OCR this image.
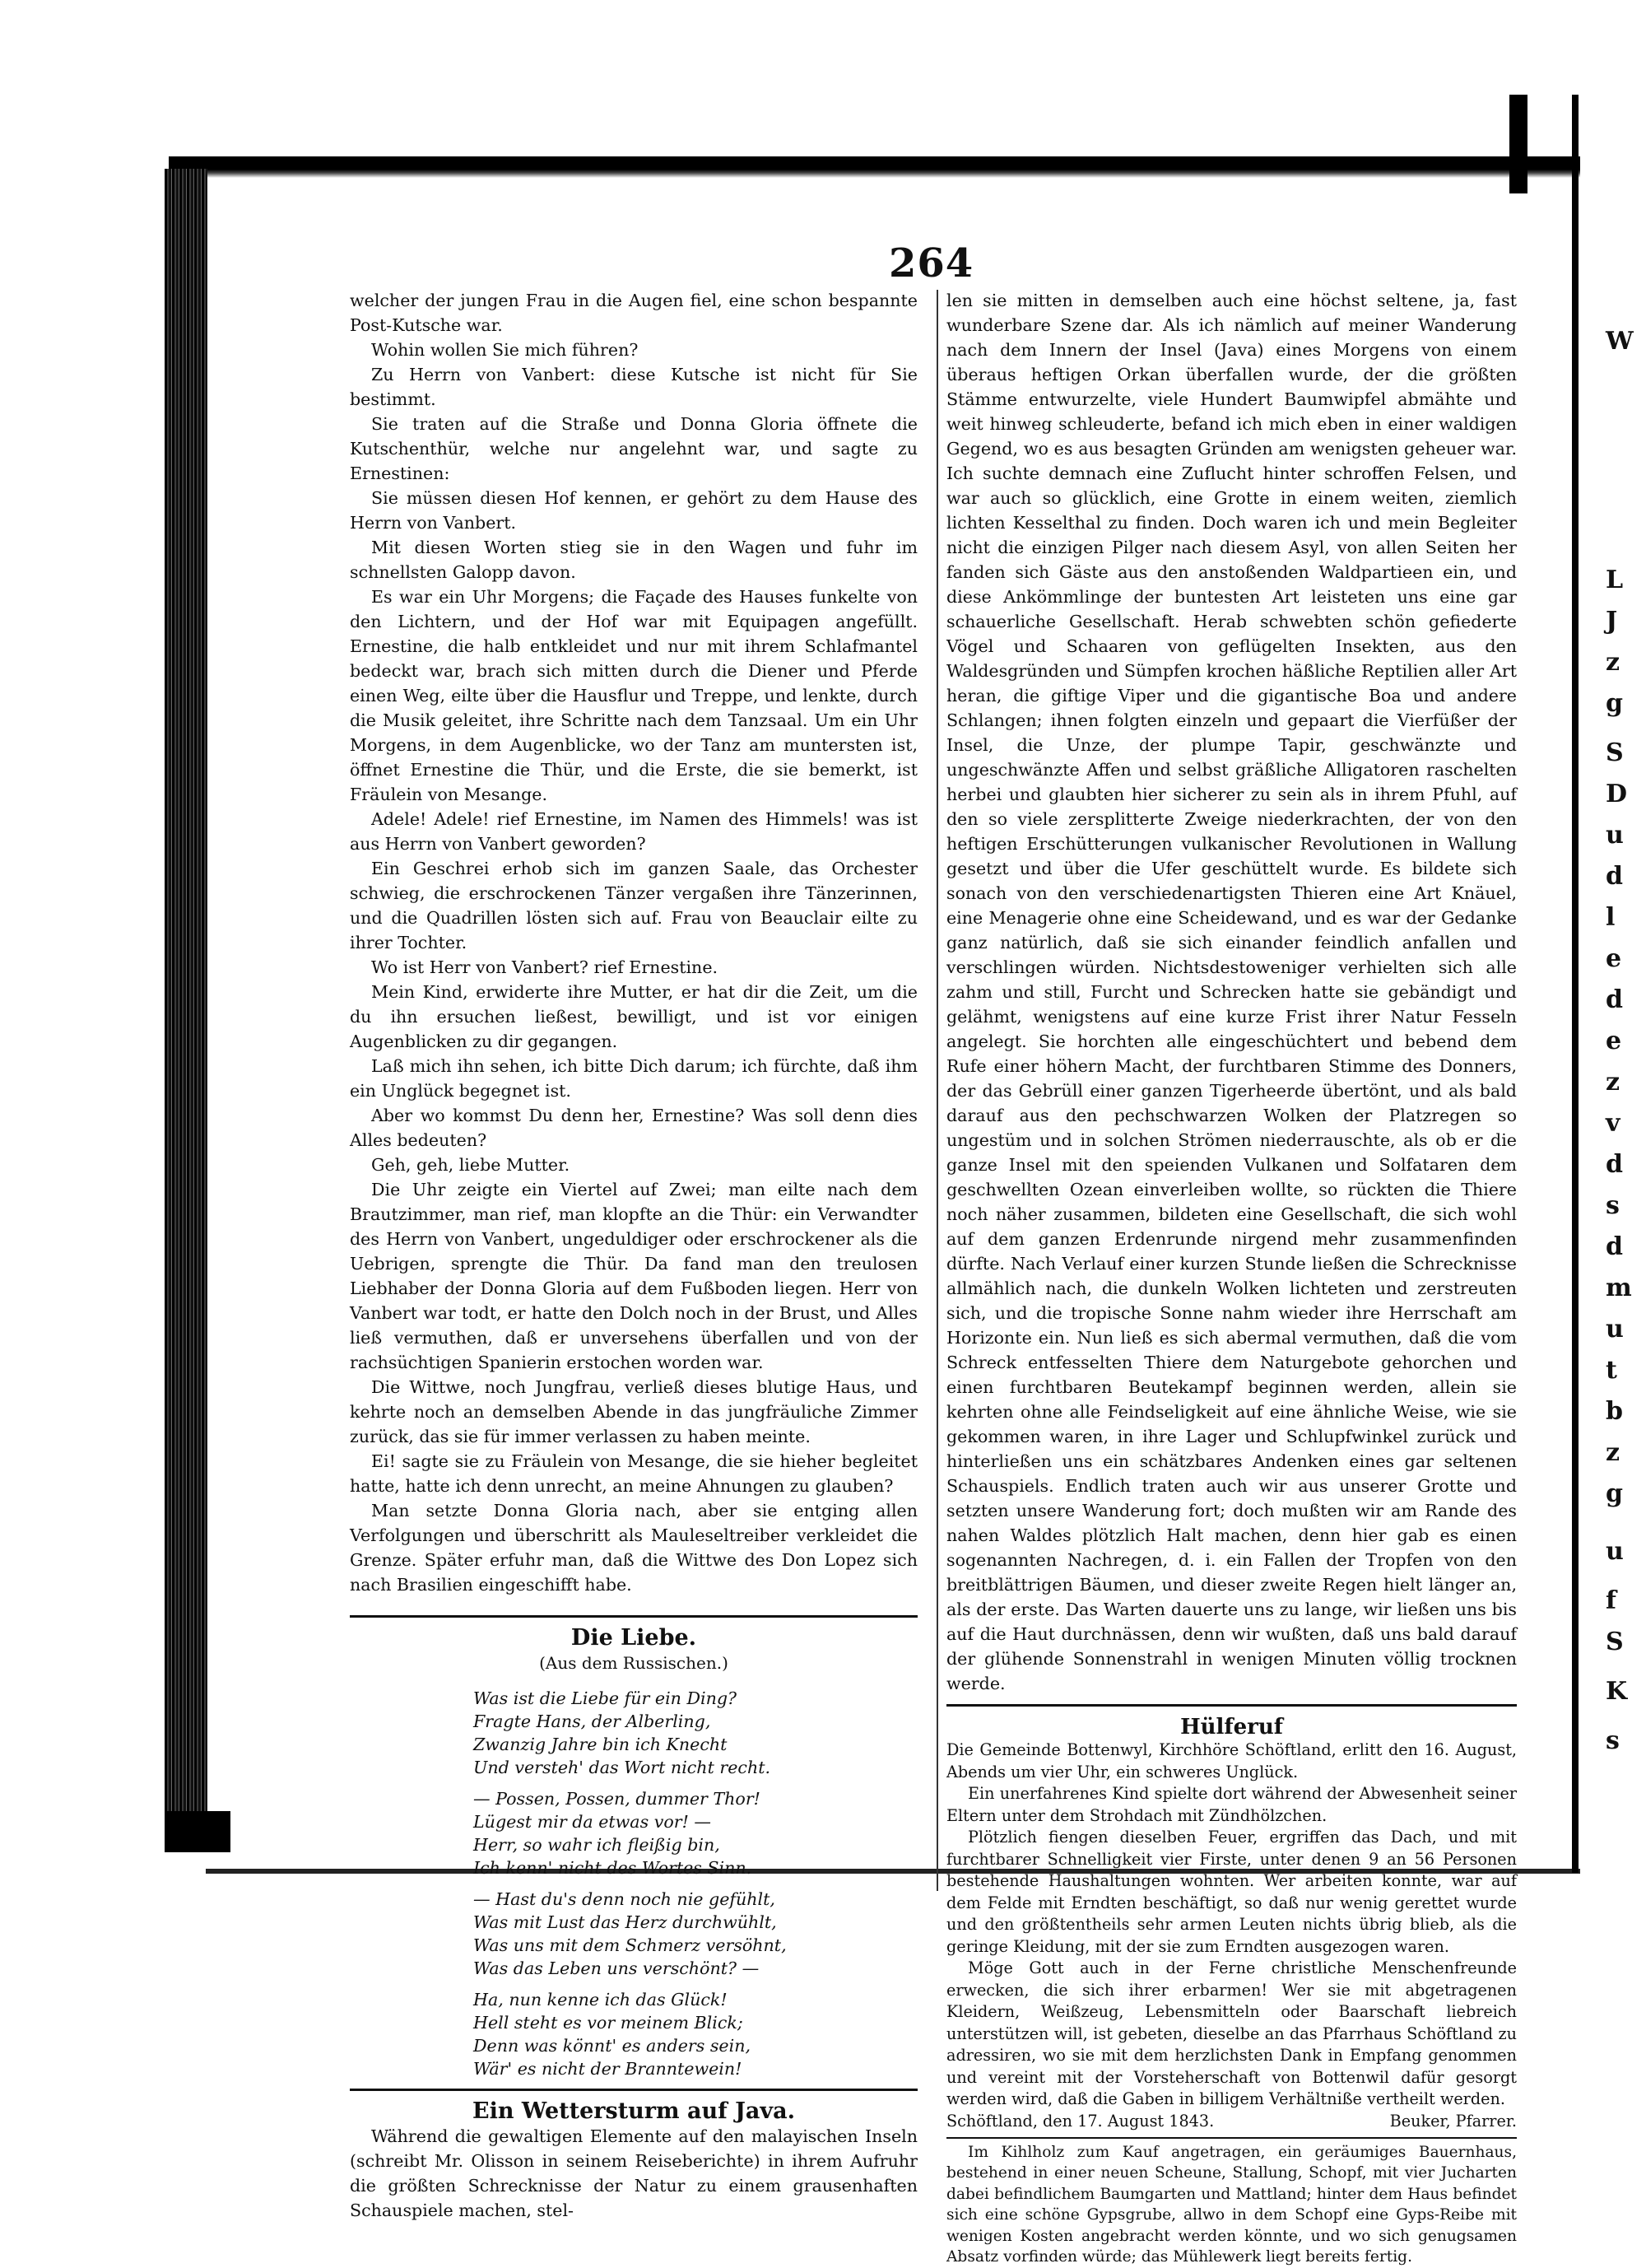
W
L
J
z
g
S
D
u
d
l
e
d
e
z
v
d
s
d
m
u
t
b
z
g
u
f
S
K
s
264

welcher der jungen Frau in die Augen fiel, eine schon bespannte Post-Kutsche war.

Wohin wollen Sie mich führen?

Zu Herrn von Vanbert: diese Kutsche ist nicht für Sie bestimmt.

Sie traten auf die Straße und Donna Gloria öffnete die Kutschenthür, welche nur angelehnt war, und sagte zu Ernestinen:

Sie müssen diesen Hof kennen, er gehört zu dem Hause des Herrn von Vanbert.

Mit diesen Worten stieg sie in den Wagen und fuhr im schnellsten Galopp davon.

Es war ein Uhr Morgens; die Façade des Hauses funkelte von den Lichtern, und der Hof war mit Equipagen angefüllt. Ernestine, die halb entkleidet und nur mit ihrem Schlafmantel bedeckt war, brach sich mitten durch die Diener und Pferde einen Weg, eilte über die Hausflur und Treppe, und lenkte, durch die Musik geleitet, ihre Schritte nach dem Tanzsaal. Um ein Uhr Morgens, in dem Augenblicke, wo der Tanz am muntersten ist, öffnet Ernestine die Thür, und die Erste, die sie bemerkt, ist Fräulein von Mesange.

Adele! Adele! rief Ernestine, im Namen des Himmels! was ist aus Herrn von Vanbert geworden?

Ein Geschrei erhob sich im ganzen Saale, das Orchester schwieg, die erschrockenen Tänzer vergaßen ihre Tänzerinnen, und die Quadrillen lösten sich auf. Frau von Beauclair eilte zu ihrer Tochter.

Wo ist Herr von Vanbert? rief Ernestine.

Mein Kind, erwiderte ihre Mutter, er hat dir die Zeit, um die du ihn ersuchen ließest, bewilligt, und ist vor einigen Augenblicken zu dir gegangen.

Laß mich ihn sehen, ich bitte Dich darum; ich fürchte, daß ihm ein Unglück begegnet ist.

Aber wo kommst Du denn her, Ernestine? Was soll denn dies Alles bedeuten?

Geh, geh, liebe Mutter.

Die Uhr zeigte ein Viertel auf Zwei; man eilte nach dem Brautzimmer, man rief, man klopfte an die Thür: ein Verwandter des Herrn von Vanbert, ungeduldiger oder erschrockener als die Uebrigen, sprengte die Thür. Da fand man den treulosen Liebhaber der Donna Gloria auf dem Fußboden liegen. Herr von Vanbert war todt, er hatte den Dolch noch in der Brust, und Alles ließ vermuthen, daß er unversehens überfallen und von der rachsüchtigen Spanierin erstochen worden war.

Die Wittwe, noch Jungfrau, verließ dieses blutige Haus, und kehrte noch an demselben Abende in das jungfräuliche Zimmer zurück, das sie für immer verlassen zu haben meinte.

Ei! sagte sie zu Fräulein von Mesange, die sie hieher begleitet hatte, hatte ich denn unrecht, an meine Ahnungen zu glauben?

Man setzte Donna Gloria nach, aber sie entging allen Verfolgungen und überschritt als Mauleseltreiber verkleidet die Grenze. Später erfuhr man, daß die Wittwe des Don Lopez sich nach Brasilien eingeschifft habe.

Die Liebe.

(Aus dem Russischen.)

Was ist die Liebe für ein Ding?
Fragte Hans, der Alberling,
Zwanzig Jahre bin ich Knecht
Und versteh' das Wort nicht recht.
— Possen, Possen, dummer Thor!
Lügest mir da etwas vor! —
Herr, so wahr ich fleißig bin,
Ich kenn' nicht des Wortes Sinn.
— Hast du's denn noch nie gefühlt,
Was mit Lust das Herz durchwühlt,
Was uns mit dem Schmerz versöhnt,
Was das Leben uns verschönt? —
Ha, nun kenne ich das Glück!
Hell steht es vor meinem Blick;
Denn was könnt' es anders sein,
Wär' es nicht der Branntewein!

Ein Wettersturm auf Java.

Während die gewaltigen Elemente auf den malayischen Inseln (schreibt Mr. Olisson in seinem Reiseberichte) in ihrem Aufruhr die größten Schrecknisse der Natur zu einem grausenhaften Schauspiele machen, stel-

len sie mitten in demselben auch eine höchst seltene, ja, fast wunderbare Szene dar. Als ich nämlich auf meiner Wanderung nach dem Innern der Insel (Java) eines Morgens von einem überaus heftigen Orkan überfallen wurde, der die größten Stämme entwurzelte, viele Hundert Baumwipfel abmähte und weit hinweg schleuderte, befand ich mich eben in einer waldigen Gegend, wo es aus besagten Gründen am wenigsten geheuer war. Ich suchte demnach eine Zuflucht hinter schroffen Felsen, und war auch so glücklich, eine Grotte in einem weiten, ziemlich lichten Kesselthal zu finden. Doch waren ich und mein Begleiter nicht die einzigen Pilger nach diesem Asyl, von allen Seiten her fanden sich Gäste aus den anstoßenden Waldpartieen ein, und diese Ankömmlinge der buntesten Art leisteten uns eine gar schauerliche Gesellschaft. Herab schwebten schön gefiederte Vögel und Schaaren von geflügelten Insekten, aus den Waldesgründen und Sümpfen krochen häßliche Reptilien aller Art heran, die giftige Viper und die gigantische Boa und andere Schlangen; ihnen folgten einzeln und gepaart die Vierfüßer der Insel, die Unze, der plumpe Tapir, geschwänzte und ungeschwänzte Affen und selbst gräßliche Alligatoren raschelten herbei und glaubten hier sicherer zu sein als in ihrem Pfuhl, auf den so viele zersplitterte Zweige niederkrachten, der von den heftigen Erschütterungen vulkanischer Revolutionen in Wallung gesetzt und über die Ufer geschüttelt wurde. Es bildete sich sonach von den verschiedenartigsten Thieren eine Art Knäuel, eine Menagerie ohne eine Scheidewand, und es war der Gedanke ganz natürlich, daß sie sich einander feindlich anfallen und verschlingen würden. Nichtsdestoweniger verhielten sich alle zahm und still, Furcht und Schrecken hatte sie gebändigt und gelähmt, wenigstens auf eine kurze Frist ihrer Natur Fesseln angelegt. Sie horchten alle eingeschüchtert und bebend dem Rufe einer höhern Macht, der furchtbaren Stimme des Donners, der das Gebrüll einer ganzen Tigerheerde übertönt, und als bald darauf aus den pechschwarzen Wolken der Platzregen so ungestüm und in solchen Strömen niederrauschte, als ob er die ganze Insel mit den speienden Vulkanen und Solfataren dem geschwellten Ozean einverleiben wollte, so rückten die Thiere noch näher zusammen, bildeten eine Gesellschaft, die sich wohl auf dem ganzen Erdenrunde nirgend mehr zusammenfinden dürfte. Nach Verlauf einer kurzen Stunde ließen die Schrecknisse allmählich nach, die dunkeln Wolken lichteten und zerstreuten sich, und die tropische Sonne nahm wieder ihre Herrschaft am Horizonte ein. Nun ließ es sich abermal vermuthen, daß die vom Schreck entfesselten Thiere dem Naturgebote gehorchen und einen furchtbaren Beutekampf beginnen werden, allein sie kehrten ohne alle Feindseligkeit auf eine ähnliche Weise, wie sie gekommen waren, in ihre Lager und Schlupfwinkel zurück und hinterließen uns ein schätzbares Andenken eines gar seltenen Schauspiels. Endlich traten auch wir aus unserer Grotte und setzten unsere Wanderung fort; doch mußten wir am Rande des nahen Waldes plötzlich Halt machen, denn hier gab es einen sogenannten Nachregen, d. i. ein Fallen der Tropfen von den breitblättrigen Bäumen, und dieser zweite Regen hielt länger an, als der erste. Das Warten dauerte uns zu lange, wir ließen uns bis auf die Haut durchnässen, denn wir wußten, daß uns bald darauf der glühende Sonnenstrahl in wenigen Minuten völlig trocknen werde.

Hülferuf

Die Gemeinde Bottenwyl, Kirchhöre Schöftland, erlitt den 16. August, Abends um vier Uhr, ein schweres Unglück.

Ein unerfahrenes Kind spielte dort während der Abwesenheit seiner Eltern unter dem Strohdach mit Zündhölzchen.

Plötzlich fiengen dieselben Feuer, ergriffen das Dach, und mit furchtbarer Schnelligkeit vier Firste, unter denen 9 an 56 Personen bestehende Haushaltungen wohnten. Wer arbeiten konnte, war auf dem Felde mit Erndten beschäftigt, so daß nur wenig gerettet wurde und den größtentheils sehr armen Leuten nichts übrig blieb, als die geringe Kleidung, mit der sie zum Erndten ausgezogen waren.

Möge Gott auch in der Ferne christliche Menschenfreunde erwecken, die sich ihrer erbarmen! Wer sie mit abgetragenen Kleidern, Weißzeug, Lebensmitteln oder Baarschaft liebreich unterstützen will, ist gebeten, dieselbe an das Pfarrhaus Schöftland zu adressiren, wo sie mit dem herzlichsten Dank in Empfang genommen und vereint mit der Vorsteherschaft von Bottenwil dafür gesorgt werden wird, daß die Gaben in billigem Verhältniße vertheilt werden.

Schöftland, den 17. August 1843.	Beuker, Pfarrer.

Im Kihlholz zum Kauf angetragen, ein geräumiges Bauernhaus, bestehend in einer neuen Scheune, Stallung, Schopf, mit vier Jucharten dabei befindlichem Baumgarten und Mattland; hinter dem Haus befindet sich eine schöne Gypsgrube, allwo in dem Schopf eine Gyps-Reibe mit wenigen Kosten angebracht werden könnte, und wo sich genugsamen Absatz vorfinden würde; das Mühlewerk liegt bereits fertig.
